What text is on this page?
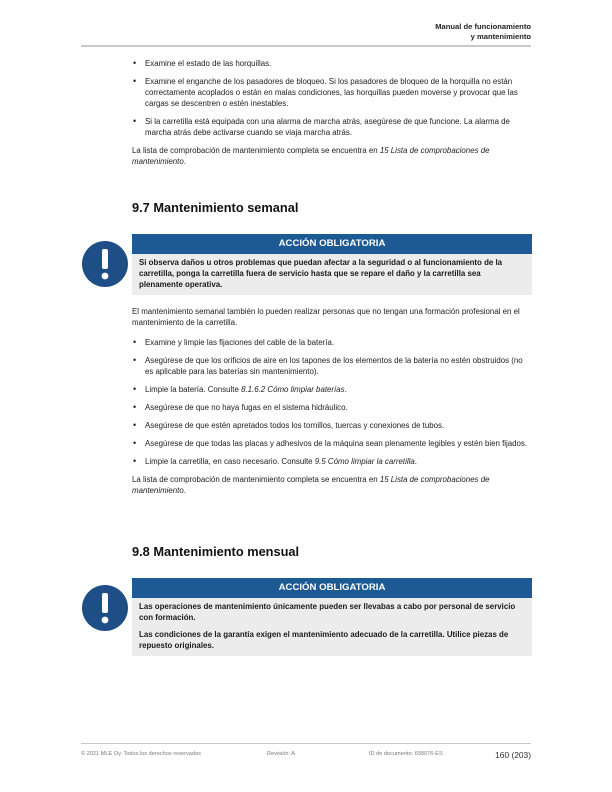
Manual de funcionamiento
y mantenimiento
• Examine el estado de las horquillas.
• Examine el enganche de los pasadores de bloqueo. Si los pasadores de bloqueo de la horquilla no están correctamente acoplados o están en malas condiciones, las horquillas pueden moverse y provocar que las cargas se descentren o estén inestables.
• Si la carretilla está equipada con una alarma de marcha atrás, asegúrese de que funcione. La alarma de marcha atrás debe activarse cuando se viaja marcha atrás.

La lista de comprobación de mantenimiento completa se encuentra en 15 Lista de comprobaciones de mantenimiento.

9.7 Mantenimiento semanal
ACCIÓN OBLIGATORIA

Si observa daños u otros problemas que puedan afectar a la seguridad o al funcionamiento de la carretilla, ponga la carretilla fuera de servicio hasta que se repare el daño y la carretilla sea plenamente operativa.

El mantenimiento semanal también lo pueden realizar personas que no tengan una formación profesional en el mantenimiento de la carretilla.

• Examine y limpie las fijaciones del cable de la batería.
• Asegúrese de que los orificios de aire en los tapones de los elementos de la batería no estén obstruidos (no es aplicable para las baterías sin mantenimiento).
• Limpie la batería. Consulte 8.1.6.2 Cómo limpiar baterías.
• Asegúrese de que no haya fugas en el sistema hidráulico.
• Asegúrese de que estén apretados todos los tornillos, tuercas y conexiones de tubos.
• Asegúrese de que todas las placas y adhesivos de la máquina sean plenamente legibles y estén bien fijados.
• Limpie la carretilla, en caso necesario. Consulte 9.5 Cómo limpiar la carretilla.

La lista de comprobación de mantenimiento completa se encuentra en 15 Lista de comprobaciones de mantenimiento.

9.8 Mantenimiento mensual
ACCIÓN OBLIGATORIA

Las operaciones de mantenimiento únicamente pueden ser llevabas a cabo por personal de servicio con formación.

Las condiciones de la garantía exigen el mantenimiento adecuado de la carretilla. Utilice piezas de repuesto originales.

© 2021 MLE Oy. Todos los derechos reservados	Revisión: A	ID de documento: 658076-ES	160 (203)
